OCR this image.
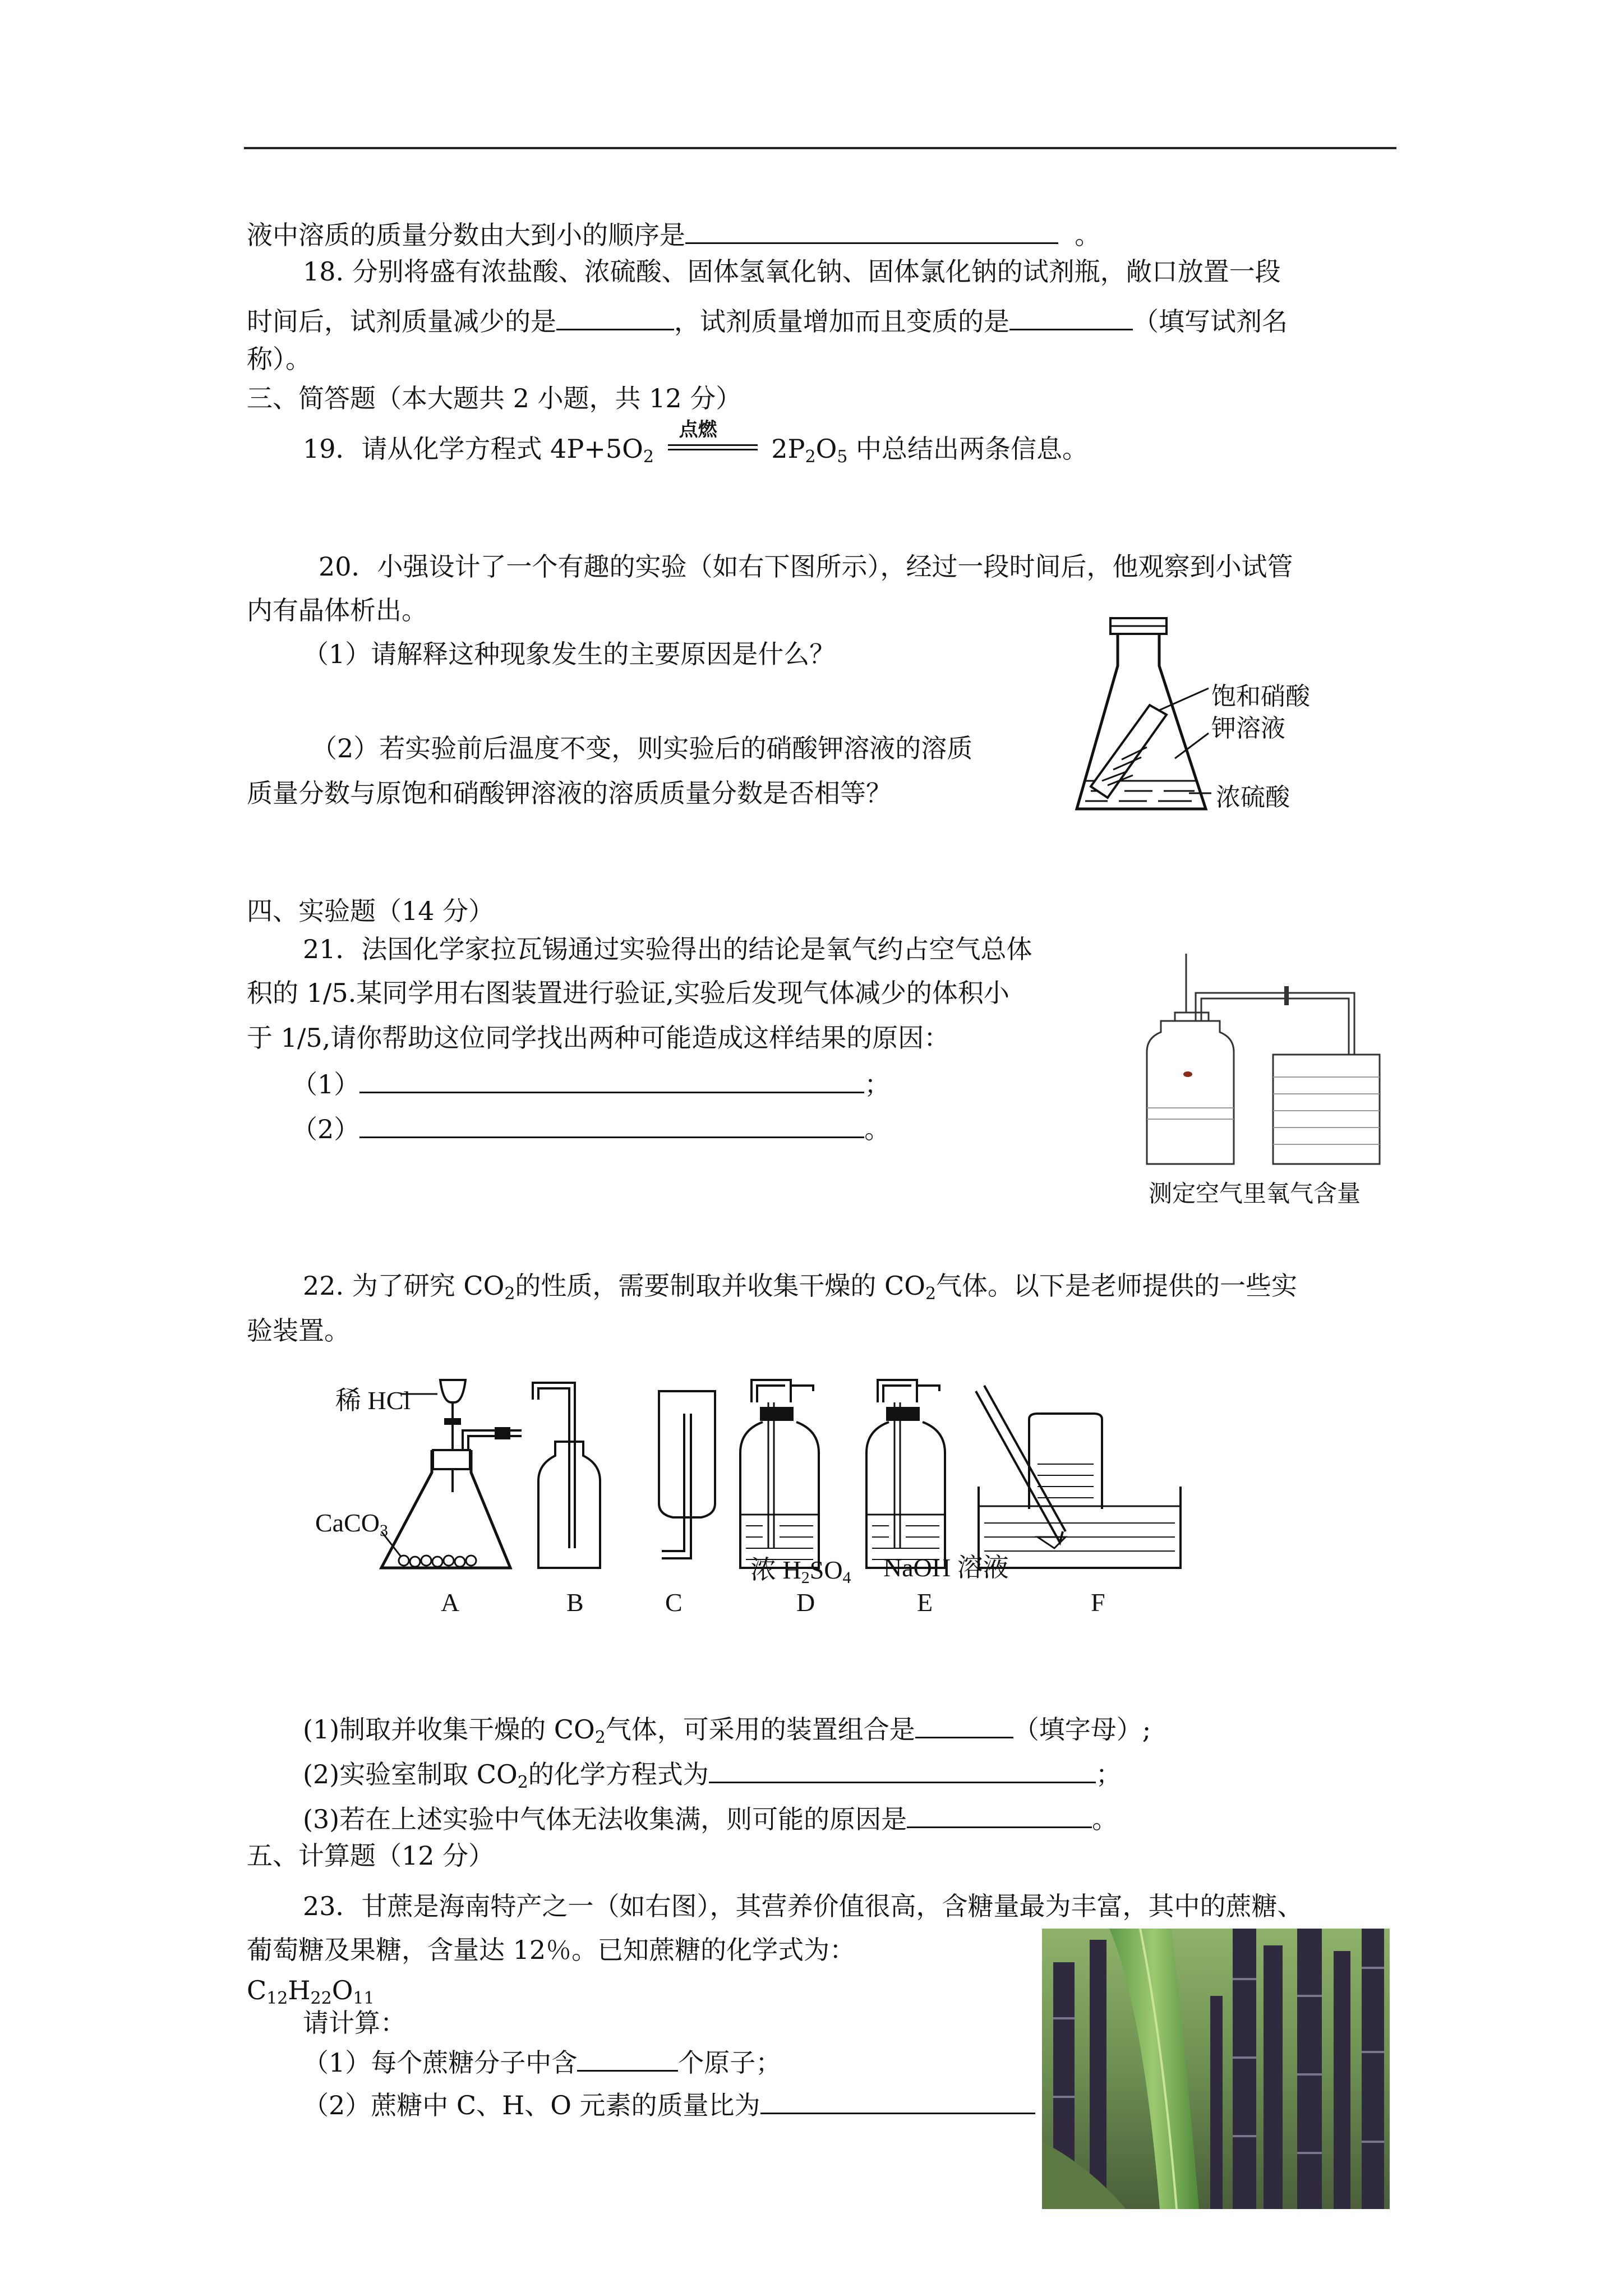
液中溶质的质量分数由大到小的顺序是	。
18. 分别将盛有浓盐酸、浓硫酸、固体氢氧化钠、固体氯化钠的试剂瓶，敞口放置一段
时间后，试剂质量减少的是	，试剂质量增加而且变质的是	（填写试剂名
称）。
三、简答题（本大题共 2 小题，共 12 分）
19．请从化学方程式 $4P+5O_2$
点燃
$2P_2O_5$ 中总结出两条信息。
20．小强设计了一个有趣的实验（如右下图所示），经过一段时间后，他观察到小试管
内有晶体析出。
（1）请解释这种现象发生的主要原因是什么？
（2）若实验前后温度不变，则实验后的硝酸钾溶液的溶质
质量分数与原饱和硝酸钾溶液的溶质质量分数是否相等？
饱和硝酸
钾溶液
浓硫酸
四、实验题（14 分）
21．法国化学家拉瓦锡通过实验得出的结论是氧气约占空气总体
积的 1/5.某同学用右图装置进行验证,实验后发现气体减少的体积小
于 1/5,请你帮助这位同学找出两种可能造成这样结果的原因：
（1）	；
（2）	。
测定空气里氧气含量
22. 为了研究 $CO_2$的性质，需要制取并收集干燥的 $CO_2$气体。以下是老师提供的一些实
验装置。
稀 HCl
CaCO$_3$
浓 $H_2SO_4$ NaOH 溶液
A	B	C	D	E	F
(1)制取并收集干燥的 $CO_2$气体，可采用的装置组合是	（填字母）;
(2)实验室制取 $CO_2$的化学方程式为	；
(3)若在上述实验中气体无法收集满，则可能的原因是	。
五、计算题（12 分）
23．甘蔗是海南特产之一（如右图），其营养价值很高，含糖量最为丰富，其中的蔗糖、
葡萄糖及果糖，含量达 12％。已知蔗糖的化学式为：
$C_{12}H_{22}O_{11}$
请计算：
（1）每个蔗糖分子中含	个原子；
（2）蔗糖中 C、H、O 元素的质量比为
